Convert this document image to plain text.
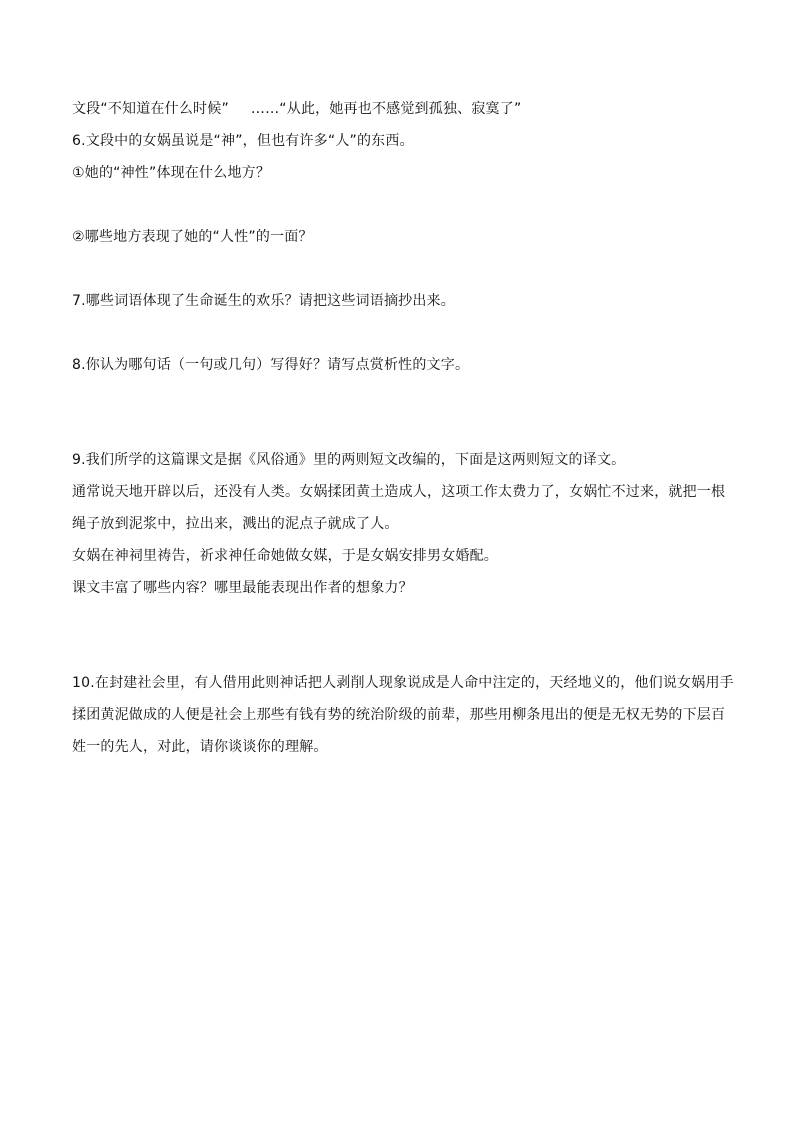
文段“不知道在什么时候” ……“从此，她再也不感觉到孤独、寂寞了”
6.文段中的女娲虽说是“神”，但也有许多“人”的东西。
①她的“神性”体现在什么地方？
②哪些地方表现了她的“人性”的一面？
7.哪些词语体现了生命诞生的欢乐？请把这些词语摘抄出来。
8.你认为哪句话（一句或几句）写得好？请写点赏析性的文字。
9.我们所学的这篇课文是据《风俗通》里的两则短文改编的，下面是这两则短文的译文。
通常说天地开辟以后，还没有人类。女娲揉团黄土造成人，这项工作太费力了，女娲忙不过来，就把一根
绳子放到泥浆中，拉出来，溅出的泥点子就成了人。
女娲在神祠里祷告，祈求神任命她做女媒，于是女娲安排男女婚配。
课文丰富了哪些内容？哪里最能表现出作者的想象力？
10.在封建社会里，有人借用此则神话把人剥削人现象说成是人命中注定的，天经地义的，他们说女娲用手
揉团黄泥做成的人便是社会上那些有钱有势的统治阶级的前辈，那些用柳条甩出的便是无权无势的下层百
姓一的先人，对此，请你谈谈你的理解。
